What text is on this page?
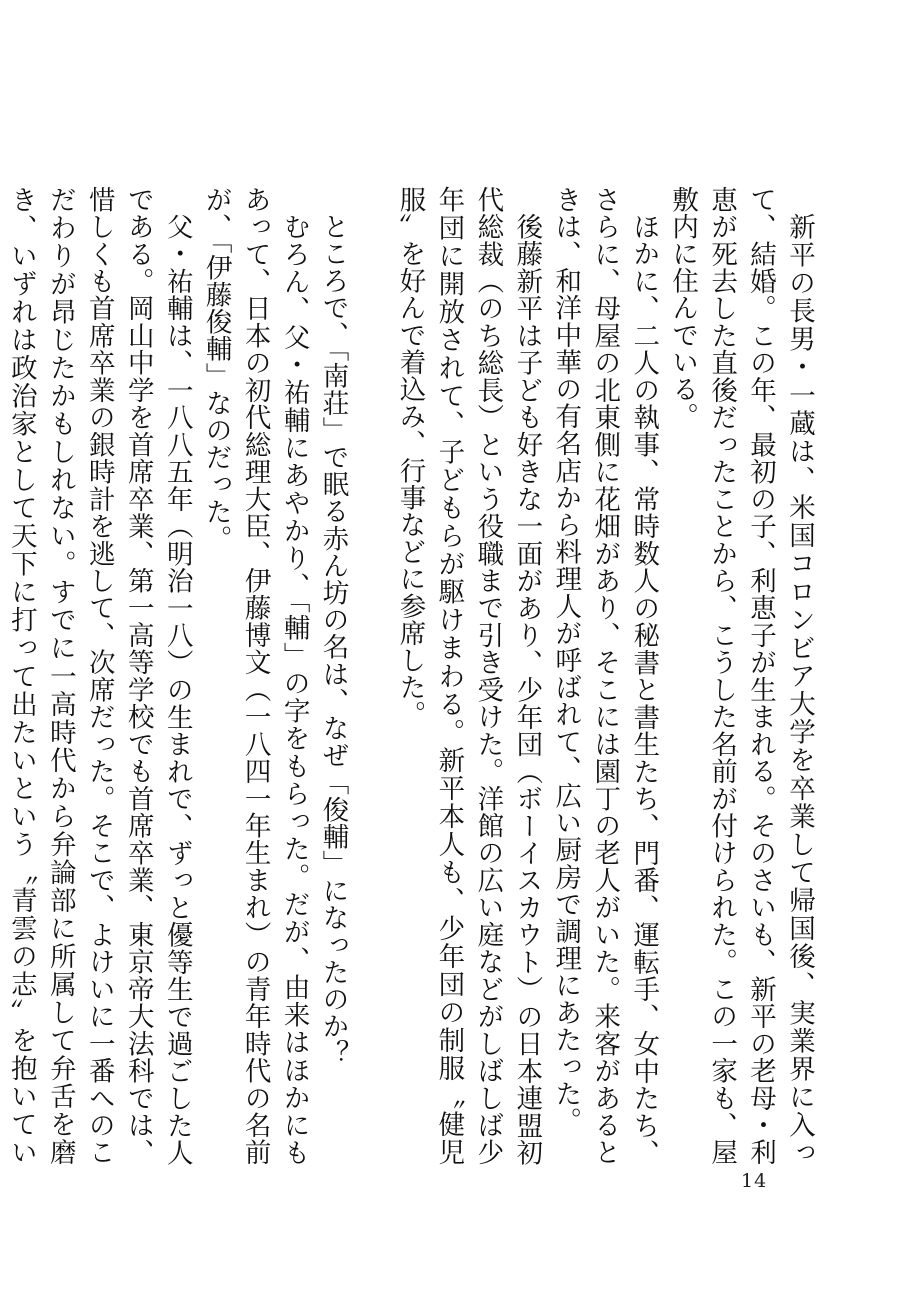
新平の長男・一蔵は、米国コロンビア大学を卒業して帰国後、実業界に入って、結婚。この年、最初の子、利恵子が生まれる。そのさいも、新平の老母・利恵が死去した直後だったことから、こうした名前が付けられた。この一家も、屋敷内に住んでいる。

ほかに、二人の執事、常時数人の秘書と書生たち、門番、運転手、女中たち、さらに、母屋の北東側に花畑があり、そこには園丁の老人がいた。来客があるときは、和洋中華の有名店から料理人が呼ばれて、広い厨房で調理にあたった。

後藤新平は子ども好きな一面があり、少年団（ボーイスカウト）の日本連盟初代総裁（のち総長）という役職まで引き受けた。洋館の広い庭などがしばしば少年団に開放されて、子どもらが駆けまわる。新平本人も、少年団の制服〝健児服〟を好んで着込み、行事などに参席した。

ところで、「南荘」で眠る赤ん坊の名は、なぜ「俊輔」になったのか？

むろん、父・祐輔にあやかり、「輔」の字をもらった。だが、由来はほかにもあって、日本の初代総理大臣、伊藤博文（一八四一年生まれ）の青年時代の名前が、「伊藤俊輔」なのだった。

父・祐輔は、一八八五年（明治一八）の生まれで、ずっと優等生で過ごした人である。岡山中学を首席卒業、第一高等学校でも首席卒業、東京帝大法科では、惜しくも首席卒業の銀時計を逃して、次席だった。そこで、よけいに一番へのこだわりが昂じたかもしれない。すでに一高時代から弁論部に所属して弁舌を磨き、いずれは政治家として天下に打って出たいという〝青雲の志〟を抱いてい

14
